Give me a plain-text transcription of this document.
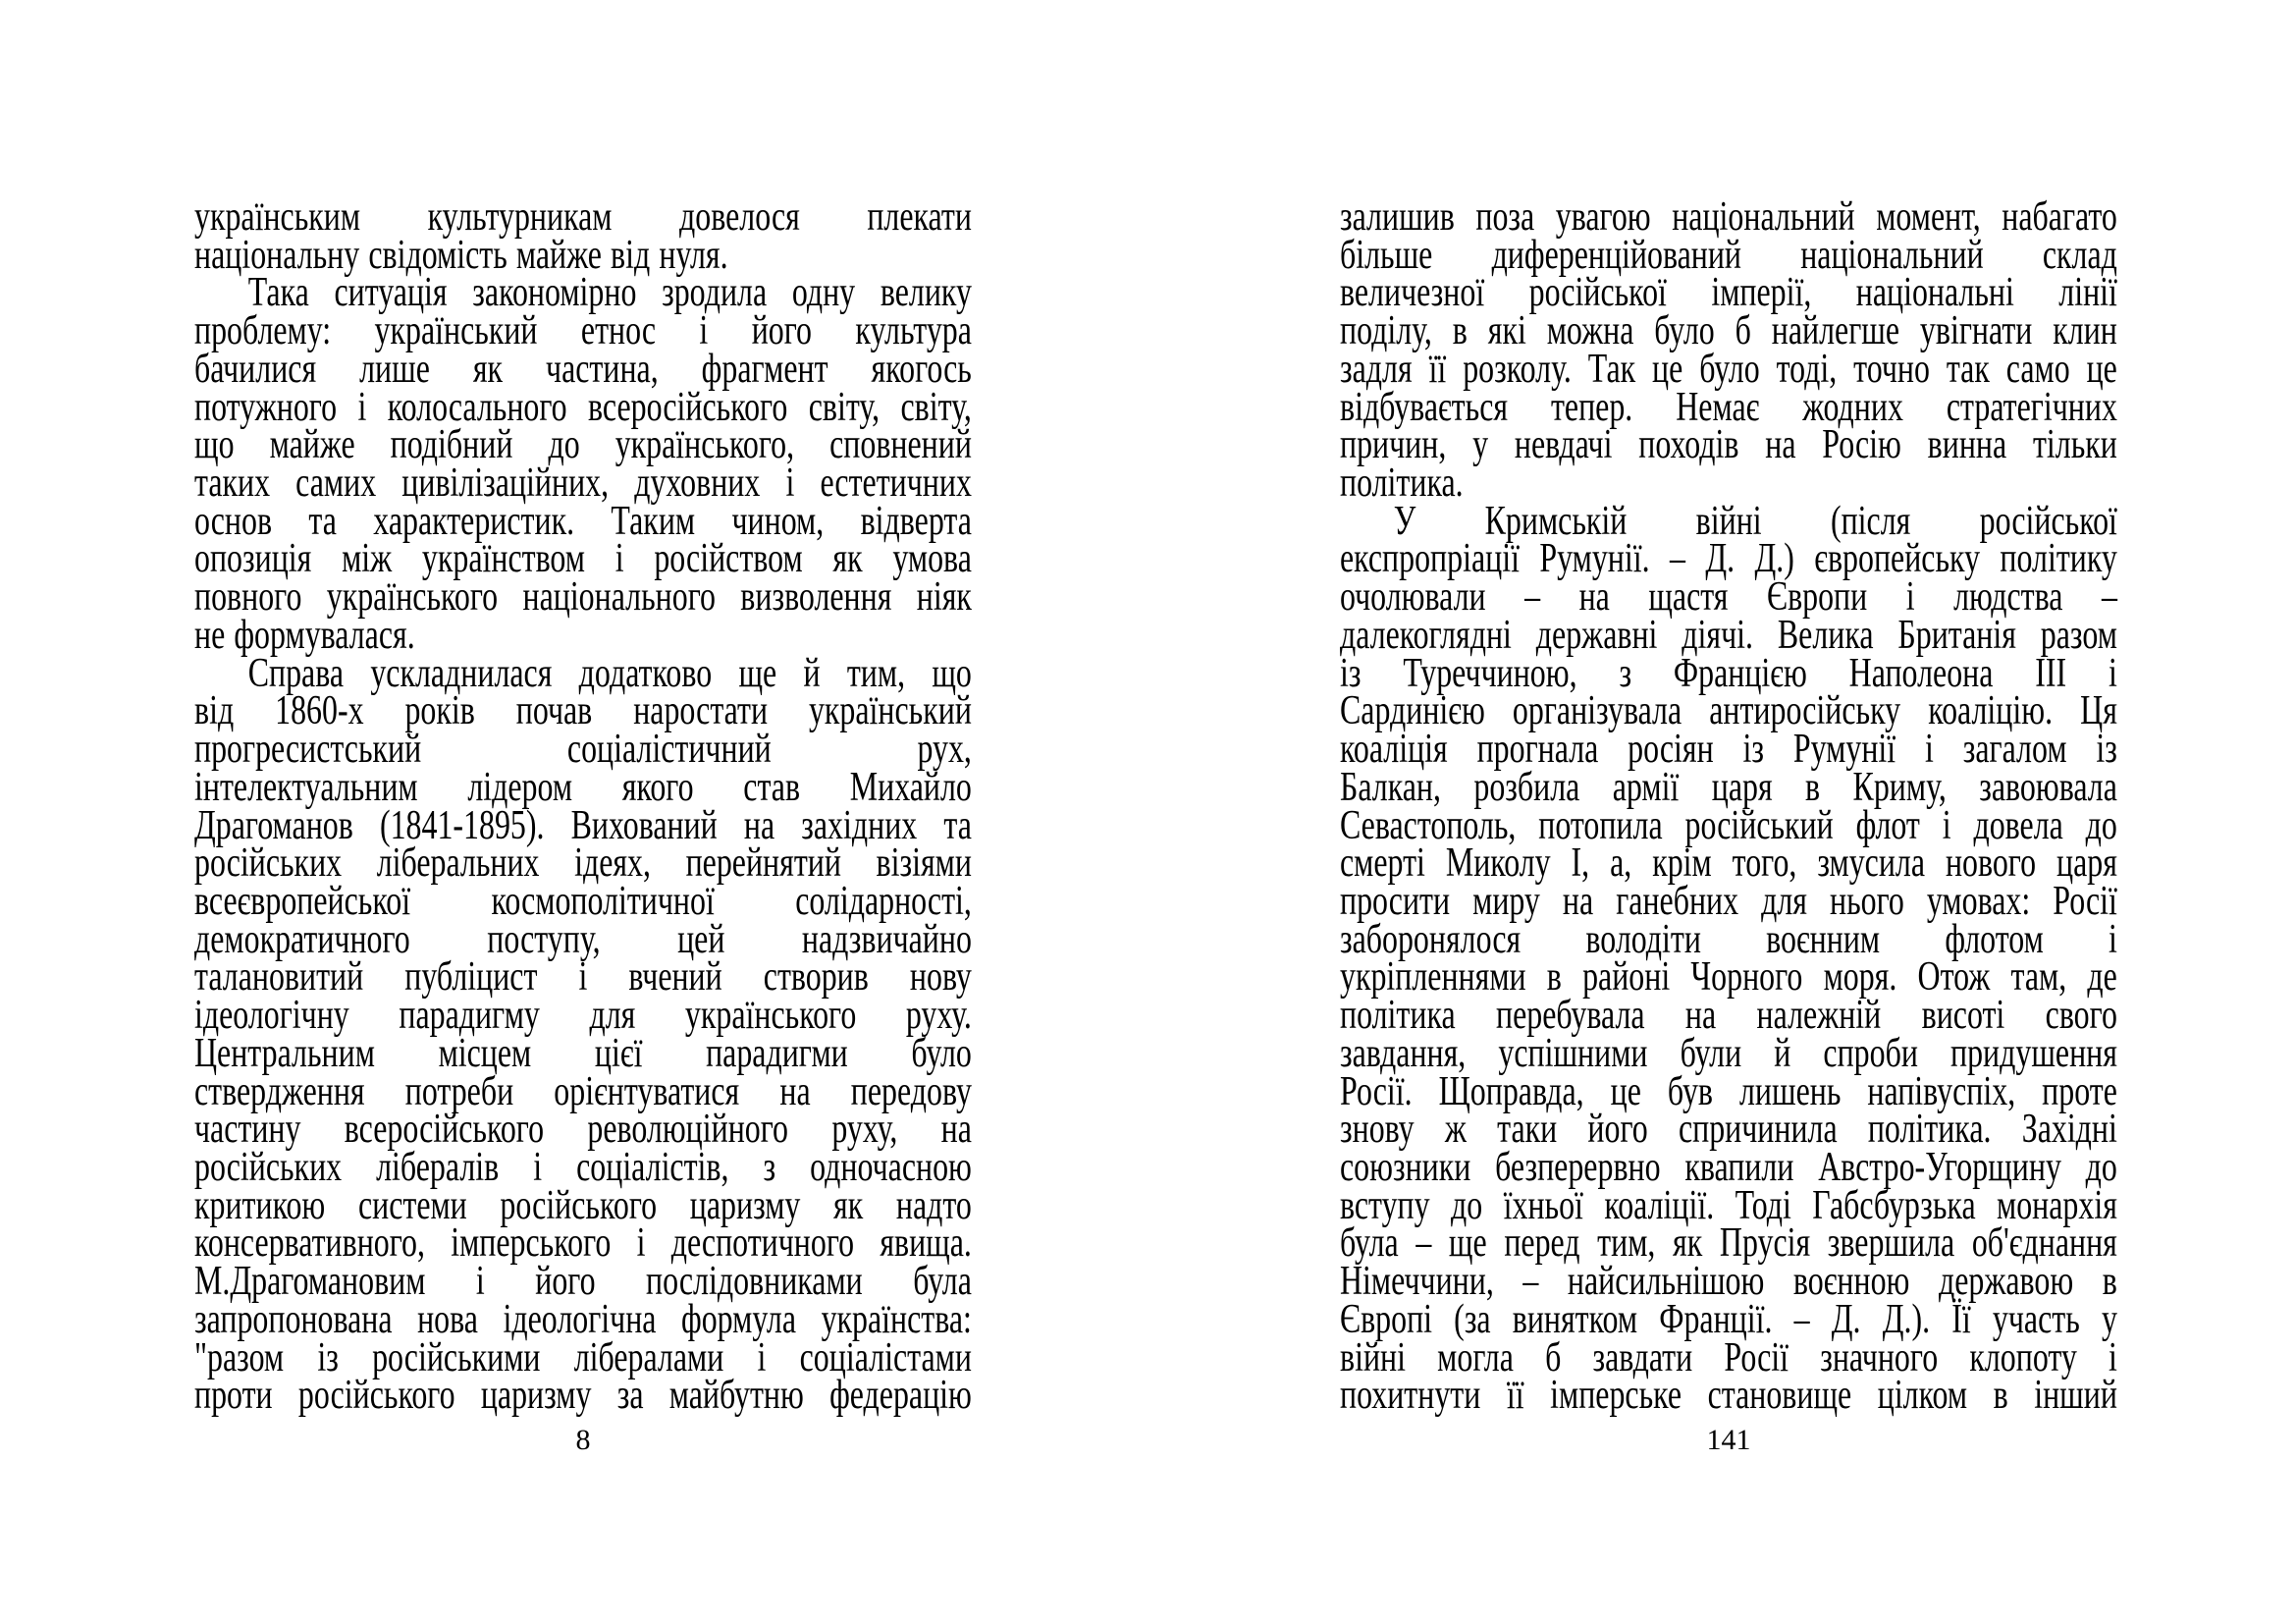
українським культурникам довелося плекати
національну свідомість майже від нуля.
Така ситуація закономірно зродила одну велику
проблему: український етнос і його культура
бачилися лише як частина, фрагмент якогось
потужного і колосального всеросійського світу, світу,
що майже подібний до українського, сповнений
таких самих цивілізаційних, духовних і естетичних
основ та характеристик. Таким чином, відверта
опозиція між українством і російством як умова
повного українського національного визволення ніяк
не формувалася.
Справа ускладнилася додатково ще й тим, що
від 1860-х років почав наростати український
прогресистський	соціалістичний	рух,
інтелектуальним лідером якого став Михайло
Драгоманов (1841-1895). Вихований на західних та
російських ліберальних ідеях, перейнятий візіями
всеєвропейської космополітичної солідарності,
демократичного поступу, цей надзвичайно
талановитий публіцист і вчений створив нову
ідеологічну парадигму для українського руху.
Центральним місцем цієї парадигми було
ствердження потреби орієнтуватися на передову
частину всеросійського революційного руху, на
російських лібералів і соціалістів, з одночасною
критикою системи російського царизму як надто
консервативного, імперського і деспотичного явища.
М.Драгомановим і його послідовниками була
запропонована нова ідеологічна формула українства:
"разом із російськими лібералами і соціалістами
проти російського царизму за майбутню федерацію
залишив поза увагою національний момент, набагато
більше диференційований національний склад
величезної російської імперії, національні лінії
поділу, в які можна було б найлегше увігнати клин
задля її розколу. Так це було тоді, точно так само це
відбувається тепер. Немає жодних стратегічних
причин, у невдачі походів на Росію винна тільки
політика.
У Кримській війні (після російської
експропріації Румунії. – Д. Д.) європейську політику
очолювали – на щастя Європи і людства –
далекоглядні державні діячі. Велика Британія разом
із Туреччиною, з Францією Наполеона III і
Сардинією організувала антиросійську коаліцію. Ця
коаліція прогнала росіян із Румунії і загалом із
Балкан, розбила армії царя в Криму, завоювала
Севастополь, потопила російський флот і довела до
смерті Миколу I, а, крім того, змусила нового царя
просити миру на ганебних для нього умовах: Росії
заборонялося володіти воєнним флотом і
укріпленнями в районі Чорного моря. Отож там, де
політика перебувала на належній висоті свого
завдання, успішними були й спроби придушення
Росії. Щоправда, це був лишень напівуспіх, проте
знову ж таки його спричинила політика. Західні
союзники безперервно квапили Австро-Угорщину до
вступу до їхньої коаліції. Тоді Габсбурзька монархія
була – ще перед тим, як Прусія звершила об'єднання
Німеччини, – найсильнішою воєнною державою в
Європі (за винятком Франції. – Д. Д.). Її участь у
війні могла б завдати Росії значного клопоту і
похитнути її імперське становище цілком в інший
8	141
